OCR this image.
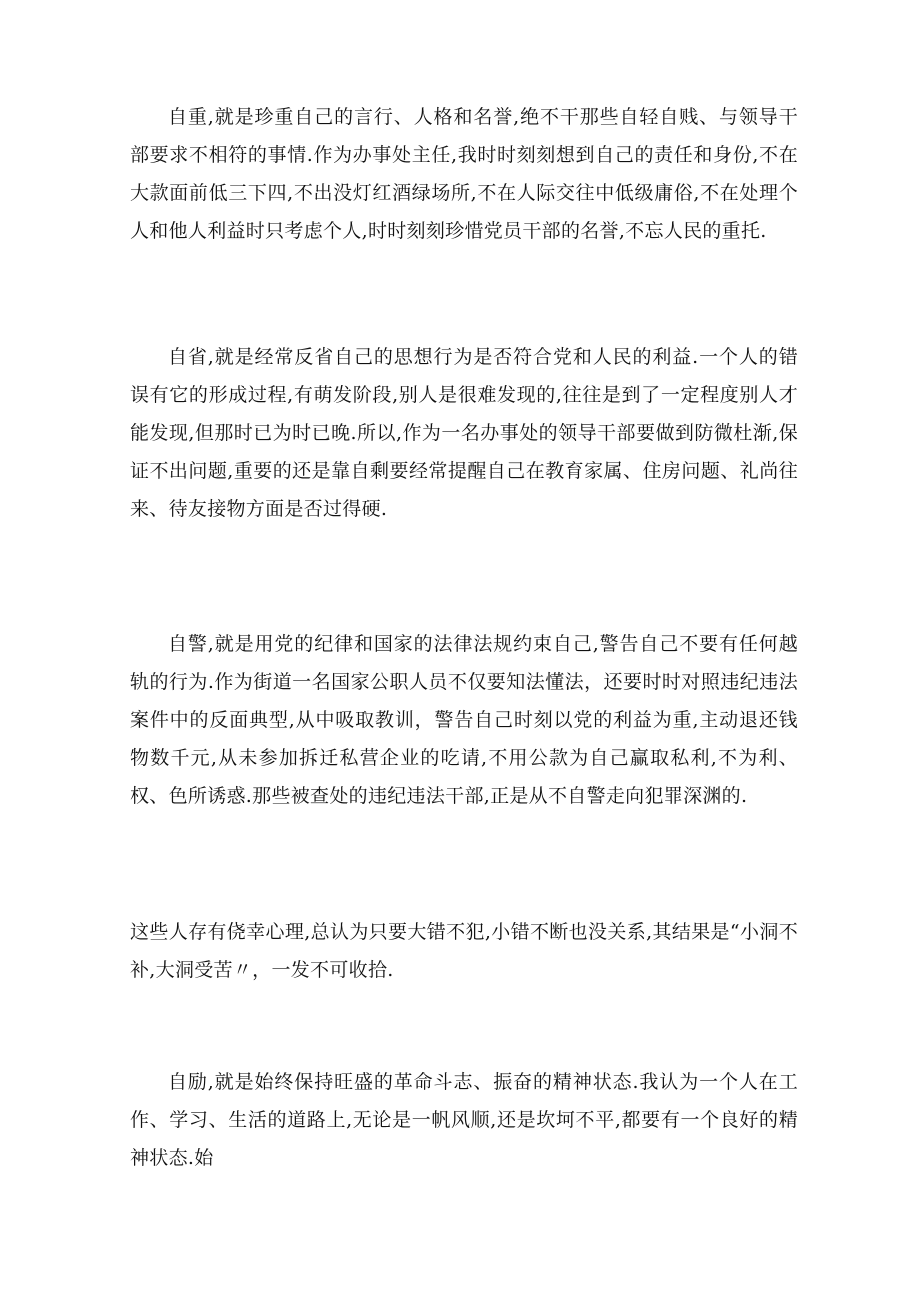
自重,就是珍重自己的言行、人格和名誉,绝不干那些自轻自贱、与领导干部要求不相符的事情.作为办事处主任,我时时刻刻想到自己的责任和身份,不在大款面前低三下四,不出没灯红酒绿场所,不在人际交往中低级庸俗,不在处理个人和他人利益时只考虑个人,时时刻刻珍惜党员干部的名誉,不忘人民的重托.

自省,就是经常反省自己的思想行为是否符合党和人民的利益.一个人的错误有它的形成过程,有萌发阶段,别人是很难发现的,往往是到了一定程度别人才能发现,但那时已为时已晚.所以,作为一名办事处的领导干部要做到防微杜渐,保证不出问题,重要的还是靠自剩要经常提醒自己在教育家属、住房问题、礼尚往来、待友接物方面是否过得硬.

自警,就是用党的纪律和国家的法律法规约束自己,警告自己不要有任何越轨的行为.作为街道一名国家公职人员不仅要知法懂法，还要时时对照违纪违法案件中的反面典型,从中吸取教训，警告自己时刻以党的利益为重,主动退还钱物数千元,从未参加拆迁私营企业的吃请,不用公款为自己赢取私利,不为利、权、色所诱惑.那些被查处的违纪违法干部,正是从不自警走向犯罪深渊的.

这些人存有侥幸心理,总认为只要大错不犯,小错不断也没关系,其结果是“小洞不补,大洞受苦〃，一发不可收拾.

自励,就是始终保持旺盛的革命斗志、振奋的精神状态.我认为一个人在工作、学习、生活的道路上,无论是一帆风顺,还是坎坷不平,都要有一个良好的精神状态.始
